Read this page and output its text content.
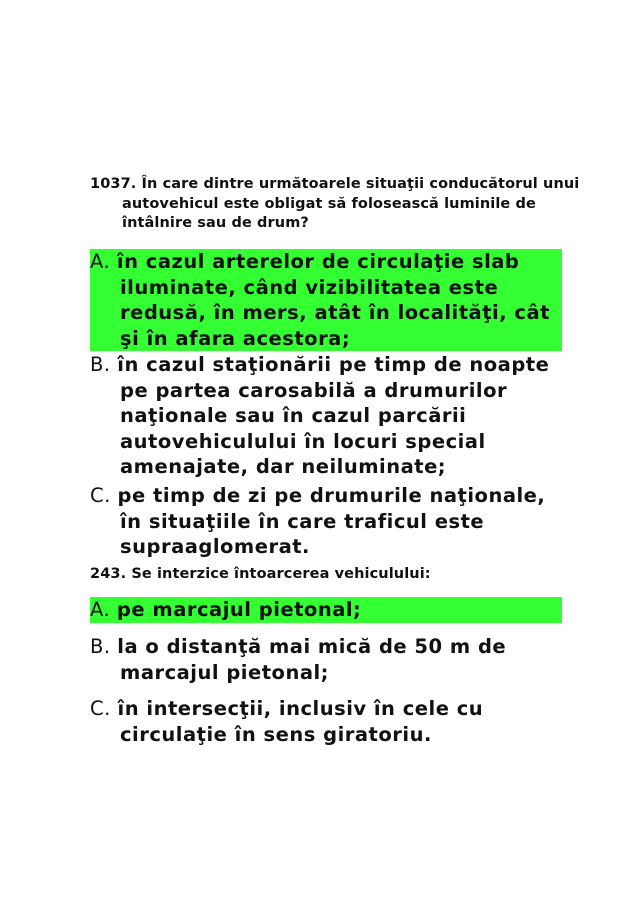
1037. În care dintre următoarele situaţii conducătorul unui autovehicul este obligat să folosească luminile de întâlnire sau de drum?

A. în cazul arterelor de circulaţie slab iluminate, când vizibilitatea este redusă, în mers, atât în localităţi, cât şi în afara acestora;

B. în cazul staţionării pe timp de noapte pe partea carosabilă a drumurilor naţionale sau în cazul parcării autovehiculului în locuri special amenajate, dar neiluminate;

C. pe timp de zi pe drumurile naţionale, în situaţiile în care traficul este supraaglomerat.

243. Se interzice întoarcerea vehiculului:

A. pe marcajul pietonal;

B. la o distanţă mai mică de 50 m de marcajul pietonal;

C. în intersecţii, inclusiv în cele cu circulaţie în sens giratoriu.
